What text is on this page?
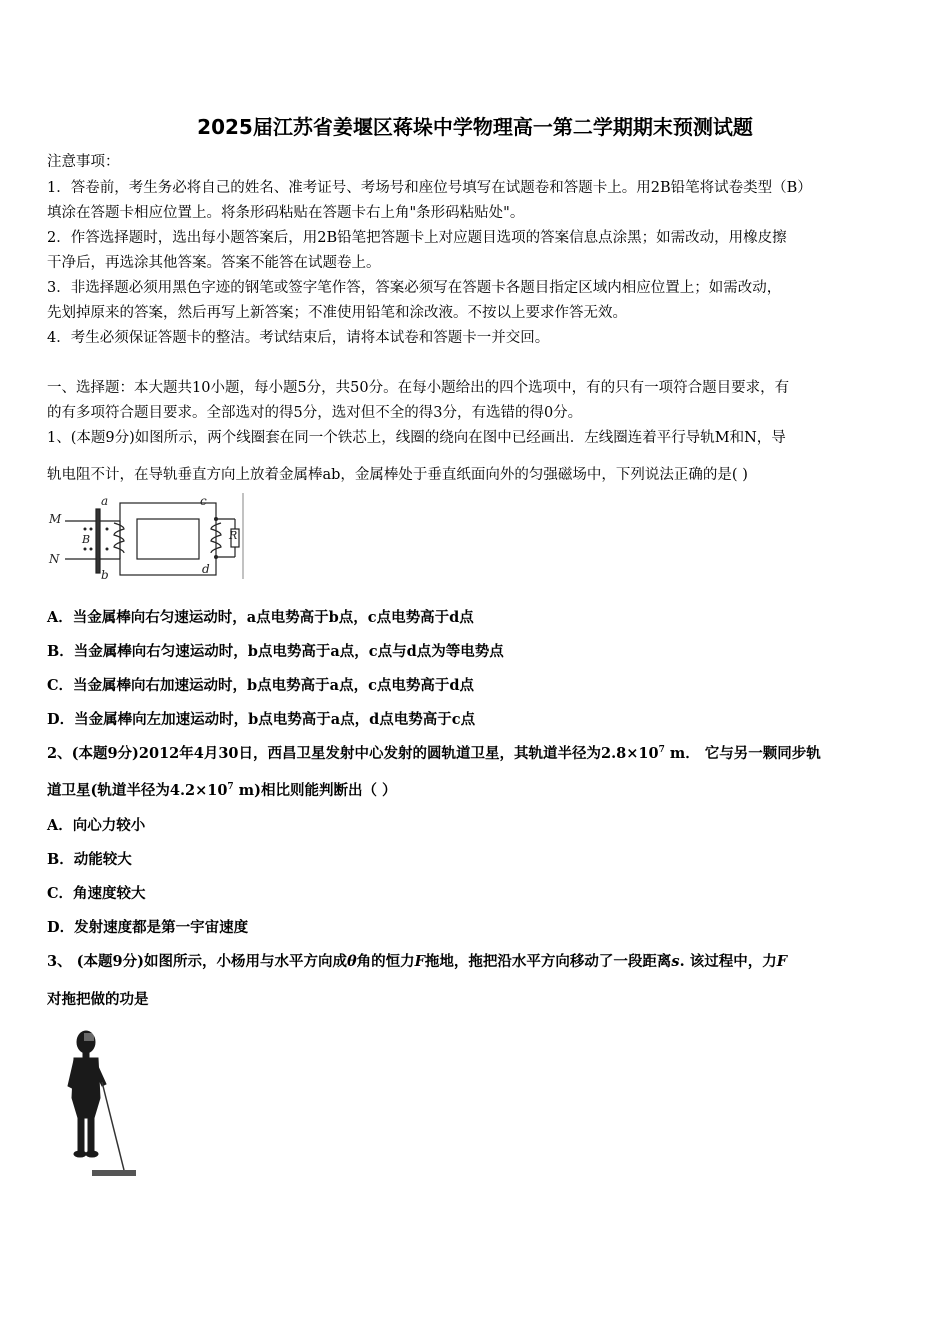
2025届江苏省姜堰区蒋垛中学物理高一第二学期期末预测试题
注意事项：
1．答卷前，考生务必将自己的姓名、准考证号、考场号和座位号填写在试题卷和答题卡上。用2B铅笔将试卷类型（B）
填涂在答题卡相应位置上。将条形码粘贴在答题卡右上角"条形码粘贴处"。
2．作答选择题时，选出每小题答案后，用2B铅笔把答题卡上对应题目选项的答案信息点涂黑；如需改动，用橡皮擦
干净后，再选涂其他答案。答案不能答在试题卷上。
3．非选择题必须用黑色字迹的钢笔或签字笔作答，答案必须写在答题卡各题目指定区域内相应位置上；如需改动，
先划掉原来的答案，然后再写上新答案；不准使用铅笔和涂改液。不按以上要求作答无效。
4．考生必须保证答题卡的整洁。考试结束后，请将本试卷和答题卡一并交回。
一、选择题：本大题共10小题，每小题5分，共50分。在每小题给出的四个选项中，有的只有一项符合题目要求，有
的有多项符合题目要求。全部选对的得5分，选对但不全的得3分，有选错的得0分。
1、(本题9分)如图所示，两个线圈套在同一个铁芯上，线圈的绕向在图中已经画出．左线圈连着平行导轨M和N，导
轨电阻不计，在导轨垂直方向上放着金属棒ab，金属棒处于垂直纸面向外的匀强磁场中，下列说法正确的是( )
M
N
a
b
c
d
R
B
A．当金属棒向右匀速运动时，a点电势高于b点，c点电势高于d点
B．当金属棒向右匀速运动时，b点电势高于a点，c点与d点为等电势点
C．当金属棒向右加速运动时，b点电势高于a点，c点电势高于d点
D．当金属棒向左加速运动时，b点电势高于a点，d点电势高于c点
2、(本题9分)2012年4月30日，西昌卫星发射中心发射的圆轨道卫星，其轨道半径为$2.8\times 10^7$ m． 它与另一颗同步轨
道卫星(轨道半径为$4.2\times 10^7$ m)相比则能判断出（ ）
A．向心力较小
B．动能较大
C．角速度较大
D．发射速度都是第一宇宙速度
3、 (本题9分)如图所示，小杨用与水平方向成θ角的恒力F拖地，拖把沿水平方向移动了一段距离s. 该过程中，力F
对拖把做的功是
